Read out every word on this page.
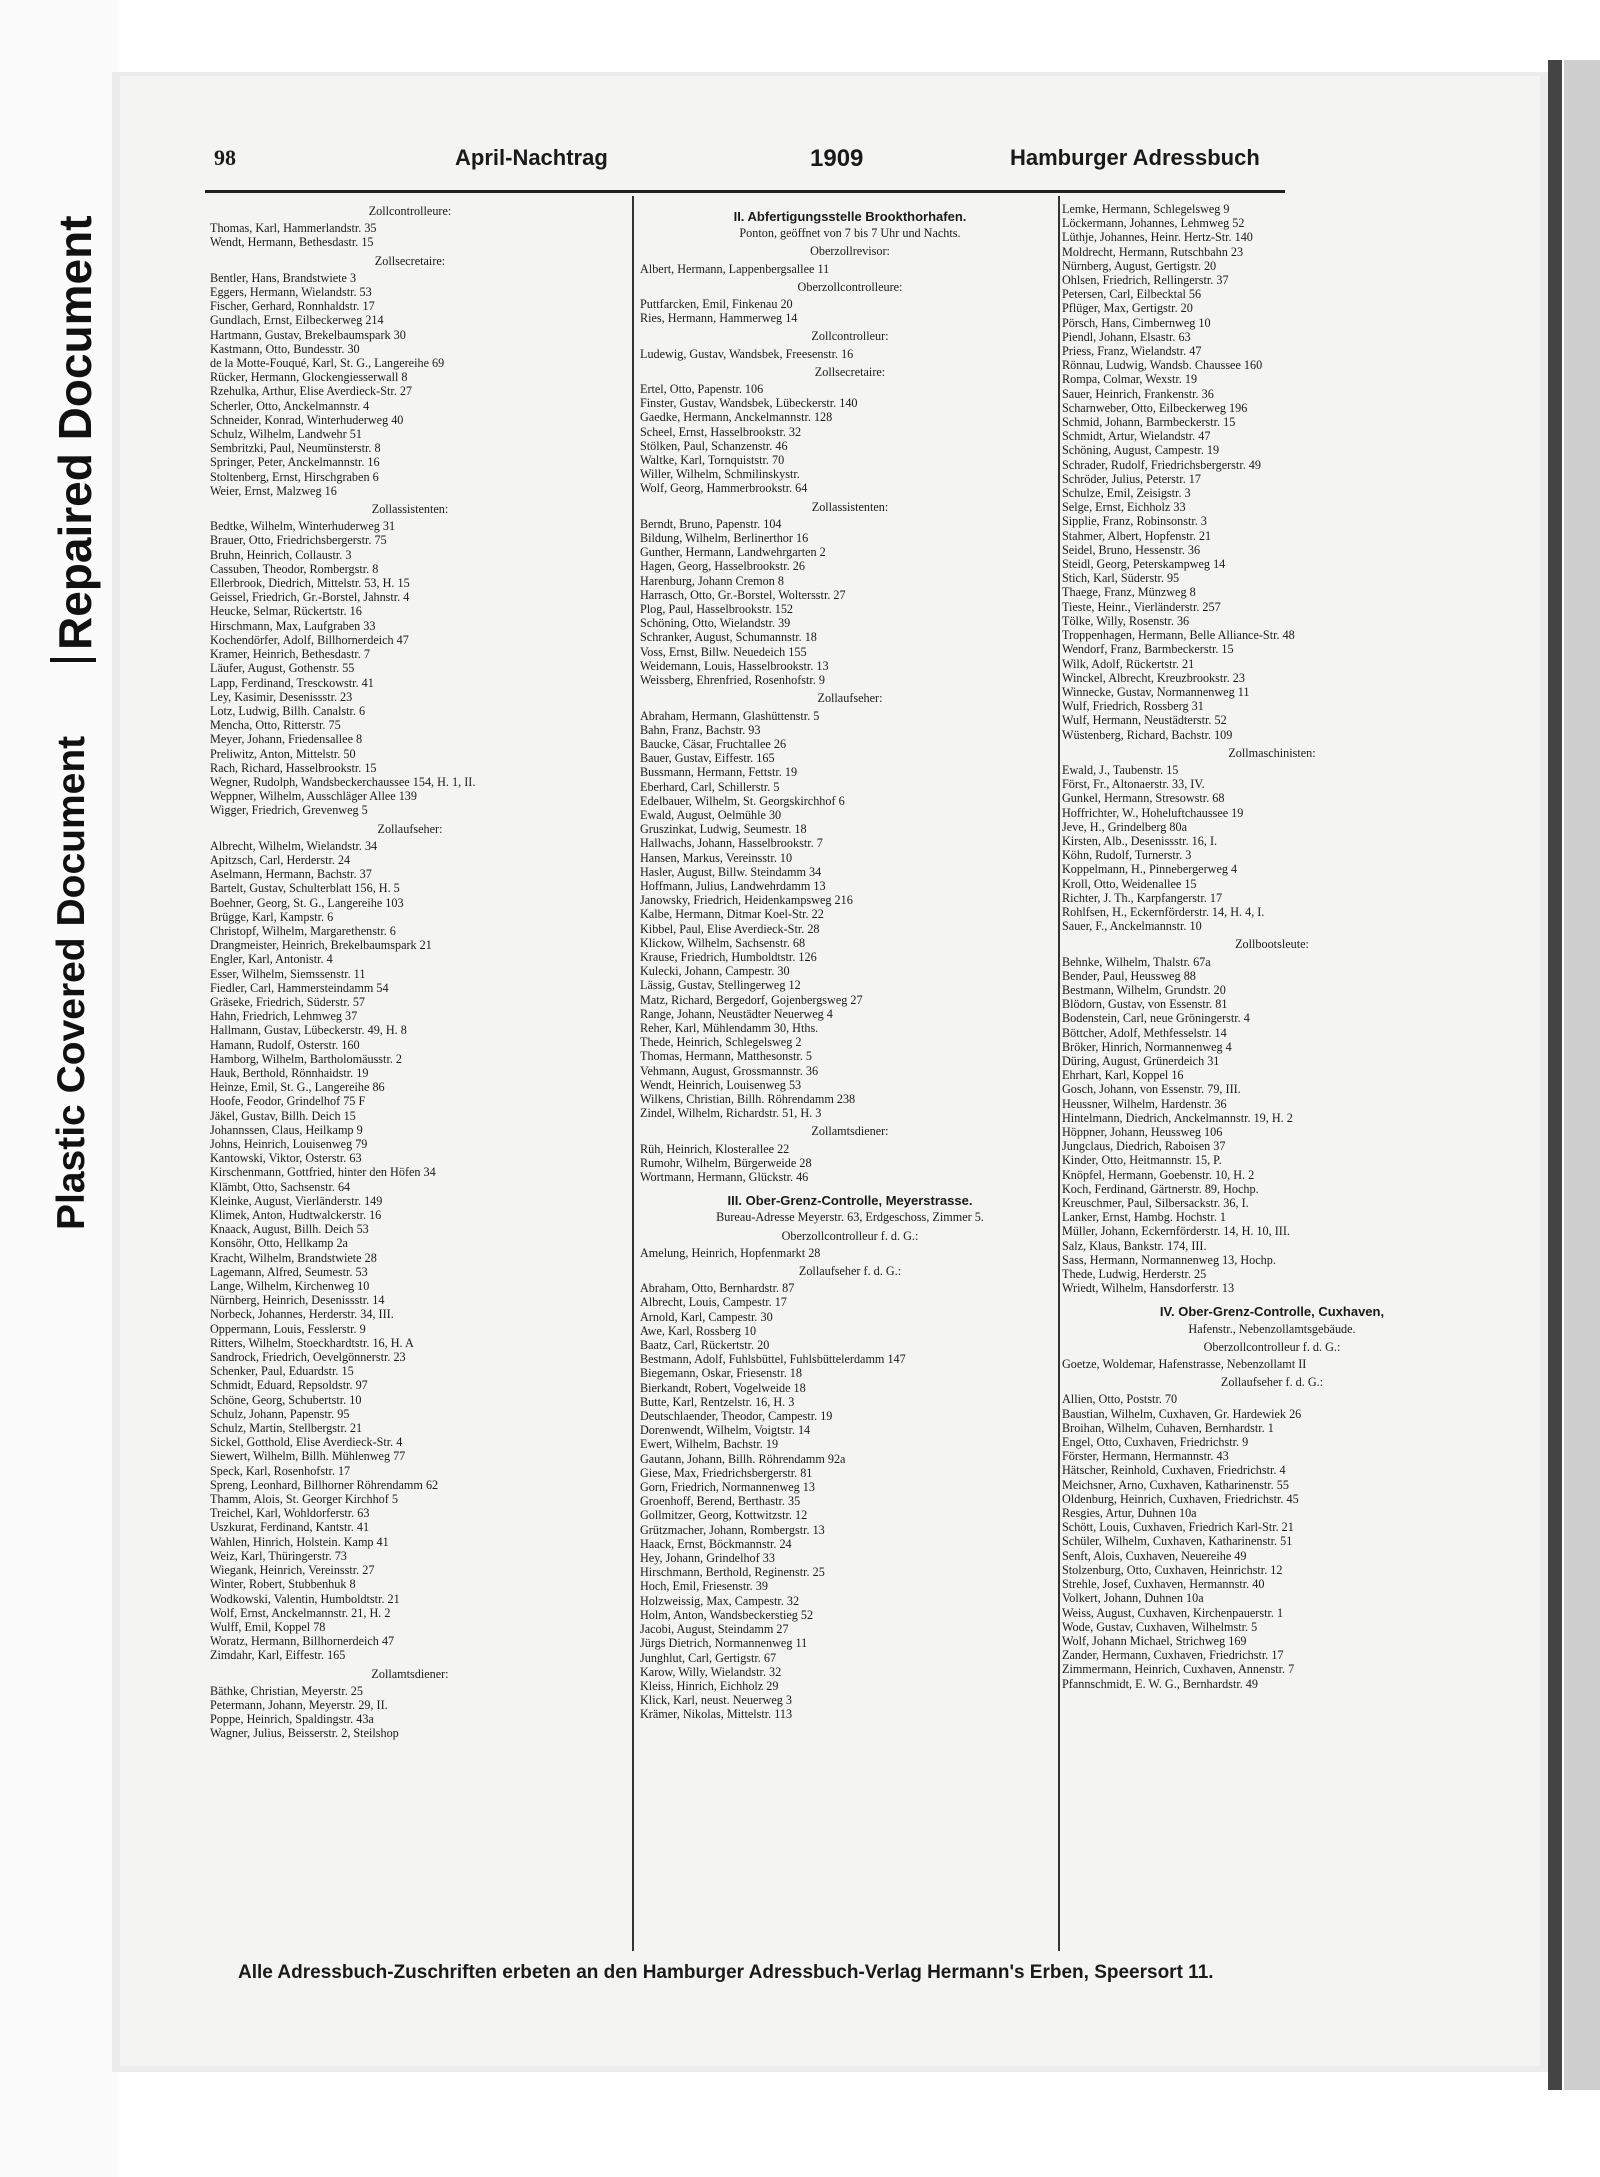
Repaired Document
Plastic Covered Document
98	April-Nachtrag	1909	Hamburger Adressbuch
Zollcontrolleure:
Thomas, Karl, Hammerlandstr. 35
Wendt, Hermann, Bethesdastr. 15
Zollsecretaire:
Bentler, Hans, Brandstwiete 3
Eggers, Hermann, Wielandstr. 53
Fischer, Gerhard, Ronnhaldstr. 17
Gundlach, Ernst, Eilbeckerweg 214
Hartmann, Gustav, Brekelbaumspark 30
Kastmann, Otto, Bundesstr. 30
de la Motte-Fouqué, Karl, St. G., Langereihe 69
Rücker, Hermann, Glockengiesserwall 8
Rzehulka, Arthur, Elise Averdieck-Str. 27
Scherler, Otto, Anckelmannstr. 4
Schneider, Konrad, Winterhuderweg 40
Schulz, Wilhelm, Landwehr 51
Sembritzki, Paul, Neumünsterstr. 8
Springer, Peter, Anckelmannstr. 16
Stoltenberg, Ernst, Hirschgraben 6
Weier, Ernst, Malzweg 16
Zollassistenten:
Bedtke, Wilhelm, Winterhuderweg 31
Brauer, Otto, Friedrichsbergerstr. 75
Bruhn, Heinrich, Collaustr. 3
Cassuben, Theodor, Rombergstr. 8
Ellerbrook, Diedrich, Mittelstr. 53, H. 15
Geissel, Friedrich, Gr.-Borstel, Jahnstr. 4
Heucke, Selmar, Rückertstr. 16
Hirschmann, Max, Laufgraben 33
Kochendörfer, Adolf, Billhornerdeich 47
Kramer, Heinrich, Bethesdastr. 7
Läufer, August, Gothenstr. 55
Lapp, Ferdinand, Tresckowstr. 41
Ley, Kasimir, Desenissstr. 23
Lotz, Ludwig, Billh. Canalstr. 6
Mencha, Otto, Ritterstr. 75
Meyer, Johann, Friedensallee 8
Preliwitz, Anton, Mittelstr. 50
Rach, Richard, Hasselbrookstr. 15
Wegner, Rudolph, Wandsbeckerchaussee 154, H. 1, II.
Weppner, Wilhelm, Ausschläger Allee 139
Wigger, Friedrich, Grevenweg 5
Zollaufseher:
Albrecht, Wilhelm, Wielandstr. 34
Apitzsch, Carl, Herderstr. 24
Aselmann, Hermann, Bachstr. 37
Bartelt, Gustav, Schulterblatt 156, H. 5
Boehner, Georg, St. G., Langereihe 103
Brügge, Karl, Kampstr. 6
Christopf, Wilhelm, Margarethenstr. 6
Drangmeister, Heinrich, Brekelbaumspark 21
Engler, Karl, Antonistr. 4
Esser, Wilhelm, Siemssenstr. 11
Fiedler, Carl, Hammersteindamm 54
Gräseke, Friedrich, Süderstr. 57
Hahn, Friedrich, Lehmweg 37
Hallmann, Gustav, Lübeckerstr. 49, H. 8
Hamann, Rudolf, Osterstr. 160
Hamborg, Wilhelm, Bartholomäusstr. 2
Hauk, Berthold, Rönnhaidstr. 19
Heinze, Emil, St. G., Langereihe 86
Hoofe, Feodor, Grindelhof 75 F
Jäkel, Gustav, Billh. Deich 15
Johannssen, Claus, Heilkamp 9
Johns, Heinrich, Louisenweg 79
Kantowski, Viktor, Osterstr. 63
Kirschenmann, Gottfried, hinter den Höfen 34
Klämbt, Otto, Sachsenstr. 64
Kleinke, August, Vierländerstr. 149
Klimek, Anton, Hudtwalckerstr. 16
Knaack, August, Billh. Deich 53
Konsöhr, Otto, Hellkamp 2a
Kracht, Wilhelm, Brandstwiete 28
Lagemann, Alfred, Seumestr. 53
Lange, Wilhelm, Kirchenweg 10
Nürnberg, Heinrich, Desenissstr. 14
Norbeck, Johannes, Herderstr. 34, III.
Oppermann, Louis, Fesslerstr. 9
Ritters, Wilhelm, Stoeckhardtstr. 16, H. A
Sandrock, Friedrich, Oevelgönnerstr. 23
Schenker, Paul, Eduardstr. 15
Schmidt, Eduard, Repsoldstr. 97
Schöne, Georg, Schubertstr. 10
Schulz, Johann, Papenstr. 95
Schulz, Martin, Stellbergstr. 21
Sickel, Gotthold, Elise Averdieck-Str. 4
Siewert, Wilhelm, Billh. Mühlenweg 77
Speck, Karl, Rosenhofstr. 17
Spreng, Leonhard, Billhorner Röhrendamm 62
Thamm, Alois, St. Georger Kirchhof 5
Treichel, Karl, Wohldorferstr. 63
Uszkurat, Ferdinand, Kantstr. 41
Wahlen, Hinrich, Holstein. Kamp 41
Weiz, Karl, Thüringerstr. 73
Wiegank, Heinrich, Vereinsstr. 27
Winter, Robert, Stubbenhuk 8
Wodkowski, Valentin, Humboldtstr. 21
Wolf, Ernst, Anckelmannstr. 21, H. 2
Wulff, Emil, Koppel 78
Woratz, Hermann, Billhornerdeich 47
Zimdahr, Karl, Eiffestr. 165
Zollamtsdiener:
Bäthke, Christian, Meyerstr. 25
Petermann, Johann, Meyerstr. 29, II.
Poppe, Heinrich, Spaldingstr. 43a
Wagner, Julius, Beisserstr. 2, Steilshop
II. Abfertigungsstelle Brookthorhafen.
Ponton, geöffnet von 7 bis 7 Uhr und Nachts.
Oberzollrevisor:
Albert, Hermann, Lappenbergsallee 11
Oberzollcontrolleure:
Puttfarcken, Emil, Finkenau 20
Ries, Hermann, Hammerweg 14
Zollcontrolleur:
Ludewig, Gustav, Wandsbek, Freesenstr. 16
Zollsecretaire:
Ertel, Otto, Papenstr. 106
Finster, Gustav, Wandsbek, Lübeckerstr. 140
Gaedke, Hermann, Anckelmannstr. 128
Scheel, Ernst, Hasselbrookstr. 32
Stölken, Paul, Schanzenstr. 46
Waltke, Karl, Tornquiststr. 70
Willer, Wilhelm, Schmilinskystr.
Wolf, Georg, Hammerbrookstr. 64
Zollassistenten:
Berndt, Bruno, Papenstr. 104
Bildung, Wilhelm, Berlinerthor 16
Gunther, Hermann, Landwehrgarten 2
Hagen, Georg, Hasselbrookstr. 26
Harenburg, Johann Cremon 8
Harrasch, Otto, Gr.-Borstel, Woltersstr. 27
Plog, Paul, Hasselbrookstr. 152
Schöning, Otto, Wielandstr. 39
Schranker, August, Schumannstr. 18
Voss, Ernst, Billw. Neuedeich 155
Weidemann, Louis, Hasselbrookstr. 13
Weissberg, Ehrenfried, Rosenhofstr. 9
Zollaufseher:
Abraham, Hermann, Glashüttenstr. 5
Bahn, Franz, Bachstr. 93
Baucke, Cäsar, Fruchtallee 26
Bauer, Gustav, Eiffestr. 165
Bussmann, Hermann, Fettstr. 19
Eberhard, Carl, Schillerstr. 5
Edelbauer, Wilhelm, St. Georgskirchhof 6
Ewald, August, Oelmühle 30
Gruszinkat, Ludwig, Seumestr. 18
Hallwachs, Johann, Hasselbrookstr. 7
Hansen, Markus, Vereinsstr. 10
Hasler, August, Billw. Steindamm 34
Hoffmann, Julius, Landwehrdamm 13
Janowsky, Friedrich, Heidenkampsweg 216
Kalbe, Hermann, Ditmar Koel-Str. 22
Kibbel, Paul, Elise Averdieck-Str. 28
Klickow, Wilhelm, Sachsenstr. 68
Krause, Friedrich, Humboldtstr. 126
Kulecki, Johann, Campestr. 30
Lässig, Gustav, Stellingerweg 12
Matz, Richard, Bergedorf, Gojenbergsweg 27
Range, Johann, Neustädter Neuerweg 4
Reher, Karl, Mühlendamm 30, Hths.
Thede, Heinrich, Schlegelsweg 2
Thomas, Hermann, Matthesonstr. 5
Vehmann, August, Grossmannstr. 36
Wendt, Heinrich, Louisenweg 53
Wilkens, Christian, Billh. Röhrendamm 238
Zindel, Wilhelm, Richardstr. 51, H. 3
Zollamtsdiener:
Rüh, Heinrich, Klosterallee 22
Rumohr, Wilhelm, Bürgerweide 28
Wortmann, Hermann, Glückstr. 46
III. Ober-Grenz-Controlle, Meyerstrasse.
Bureau-Adresse Meyerstr. 63, Erdgeschoss, Zimmer 5.
Oberzollcontrolleur f. d. G.:
Amelung, Heinrich, Hopfenmarkt 28
Zollaufseher f. d. G.:
Abraham, Otto, Bernhardstr. 87
Albrecht, Louis, Campestr. 17
Arnold, Karl, Campestr. 30
Awe, Karl, Rossberg 10
Baatz, Carl, Rückertstr. 20
Bestmann, Adolf, Fuhlsbüttel, Fuhlsbüttelerdamm 147
Biegemann, Oskar, Friesenstr. 18
Bierkandt, Robert, Vogelweide 18
Butte, Karl, Rentzelstr. 16, H. 3
Deutschlaender, Theodor, Campestr. 19
Dorenwendt, Wilhelm, Voigtstr. 14
Ewert, Wilhelm, Bachstr. 19
Gautann, Johann, Billh. Röhrendamm 92a
Giese, Max, Friedrichsbergerstr. 81
Gorn, Friedrich, Normannenweg 13
Groenhoff, Berend, Berthastr. 35
Gollmitzer, Georg, Kottwitzstr. 12
Grützmacher, Johann, Rombergstr. 13
Haack, Ernst, Böckmannstr. 24
Hey, Johann, Grindelhof 33
Hirschmann, Berthold, Reginenstr. 25
Hoch, Emil, Friesenstr. 39
Holzweissig, Max, Campestr. 32
Holm, Anton, Wandsbeckerstieg 52
Jacobi, August, Steindamm 27
Jürgs Dietrich, Normannenweg 11
Junghlut, Carl, Gertigstr. 67
Karow, Willy, Wielandstr. 32
Kleiss, Hinrich, Eichholz 29
Klick, Karl, neust. Neuerweg 3
Krämer, Nikolas, Mittelstr. 113
Lemke, Hermann, Schlegelsweg 9
Löckermann, Johannes, Lehmweg 52
Lüthje, Johannes, Heinr. Hertz-Str. 140
Moldrecht, Hermann, Rutschbahn 23
Nürnberg, August, Gertigstr. 20
Ohlsen, Friedrich, Rellingerstr. 37
Petersen, Carl, Eilbecktal 56
Pflüger, Max, Gertigstr. 20
Pörsch, Hans, Cimbernweg 10
Piendl, Johann, Elsastr. 63
Priess, Franz, Wielandstr. 47
Rönnau, Ludwig, Wandsb. Chaussee 160
Rompa, Colmar, Wexstr. 19
Sauer, Heinrich, Frankenstr. 36
Scharnweber, Otto, Eilbeckerweg 196
Schmid, Johann, Barmbeckerstr. 15
Schmidt, Artur, Wielandstr. 47
Schöning, August, Campestr. 19
Schrader, Rudolf, Friedrichsbergerstr. 49
Schröder, Julius, Peterstr. 17
Schulze, Emil, Zeisigstr. 3
Selge, Ernst, Eichholz 33
Sipplie, Franz, Robinsonstr. 3
Stahmer, Albert, Hopfenstr. 21
Seidel, Bruno, Hessenstr. 36
Steidl, Georg, Peterskampweg 14
Stich, Karl, Süderstr. 95
Thaege, Franz, Münzweg 8
Tieste, Heinr., Vierländerstr. 257
Tölke, Willy, Rosenstr. 36
Troppenhagen, Hermann, Belle Alliance-Str. 48
Wendorf, Franz, Barmbeckerstr. 15
Wilk, Adolf, Rückertstr. 21
Winckel, Albrecht, Kreuzbrookstr. 23
Winnecke, Gustav, Normannenweg 11
Wulf, Friedrich, Rossberg 31
Wulf, Hermann, Neustädterstr. 52
Wüstenberg, Richard, Bachstr. 109
Zollmaschinisten:
Ewald, J., Taubenstr. 15
Först, Fr., Altonaerstr. 33, IV.
Gunkel, Hermann, Stresowstr. 68
Hoffrichter, W., Hoheluftchaussee 19
Jeve, H., Grindelberg 80a
Kirsten, Alb., Desenissstr. 16, I.
Köhn, Rudolf, Turnerstr. 3
Koppelmann, H., Pinnebergerweg 4
Kroll, Otto, Weidenallee 15
Richter, J. Th., Karpfangerstr. 17
Rohlfsen, H., Eckernförderstr. 14, H. 4, I.
Sauer, F., Anckelmannstr. 10
Zollbootsleute:
Behnke, Wilhelm, Thalstr. 67a
Bender, Paul, Heussweg 88
Bestmann, Wilhelm, Grundstr. 20
Blödorn, Gustav, von Essenstr. 81
Bodenstein, Carl, neue Gröningerstr. 4
Böttcher, Adolf, Methfesselstr. 14
Bröker, Hinrich, Normannenweg 4
Düring, August, Grünerdeich 31
Ehrhart, Karl, Koppel 16
Gosch, Johann, von Essenstr. 79, III.
Heussner, Wilhelm, Hardenstr. 36
Hintelmann, Diedrich, Anckelmannstr. 19, H. 2
Höppner, Johann, Heussweg 106
Jungclaus, Diedrich, Raboisen 37
Kinder, Otto, Heitmannstr. 15, P.
Knöpfel, Hermann, Goebenstr. 10, H. 2
Koch, Ferdinand, Gärtnerstr. 89, Hochp.
Kreuschmer, Paul, Silbersackstr. 36, I.
Lanker, Ernst, Hambg. Hochstr. 1
Müller, Johann, Eckernförderstr. 14, H. 10, III.
Salz, Klaus, Bankstr. 174, III.
Sass, Hermann, Normannenweg 13, Hochp.
Thede, Ludwig, Herderstr. 25
Wriedt, Wilhelm, Hansdorferstr. 13
IV. Ober-Grenz-Controlle, Cuxhaven,
Hafenstr., Nebenzollamtsgebäude.
Oberzollcontrolleur f. d. G.:
Goetze, Woldemar, Hafenstrasse, Nebenzollamt II
Zollaufseher f. d. G.:
Allien, Otto, Poststr. 70
Baustian, Wilhelm, Cuxhaven, Gr. Hardewiek 26
Broihan, Wilhelm, Cuhaven, Bernhardstr. 1
Engel, Otto, Cuxhaven, Friedrichstr. 9
Förster, Hermann, Hermannstr. 43
Hätscher, Reinhold, Cuxhaven, Friedrichstr. 4
Meichsner, Arno, Cuxhaven, Katharinenstr. 55
Oldenburg, Heinrich, Cuxhaven, Friedrichstr. 45
Resgies, Artur, Duhnen 10a
Schött, Louis, Cuxhaven, Friedrich Karl-Str. 21
Schüler, Wilhelm, Cuxhaven, Katharinenstr. 51
Senft, Alois, Cuxhaven, Neuereihe 49
Stolzenburg, Otto, Cuxhaven, Heinrichstr. 12
Strehle, Josef, Cuxhaven, Hermannstr. 40
Volkert, Johann, Duhnen 10a
Weiss, August, Cuxhaven, Kirchenpauerstr. 1
Wode, Gustav, Cuxhaven, Wilhelmstr. 5
Wolf, Johann Michael, Strichweg 169
Zander, Hermann, Cuxhaven, Friedrichstr. 17
Zimmermann, Heinrich, Cuxhaven, Annenstr. 7
Pfannschmidt, E. W. G., Bernhardstr. 49
Alle Adressbuch-Zuschriften erbeten an den Hamburger Adressbuch-Verlag Hermann's Erben, Speersort 11.
